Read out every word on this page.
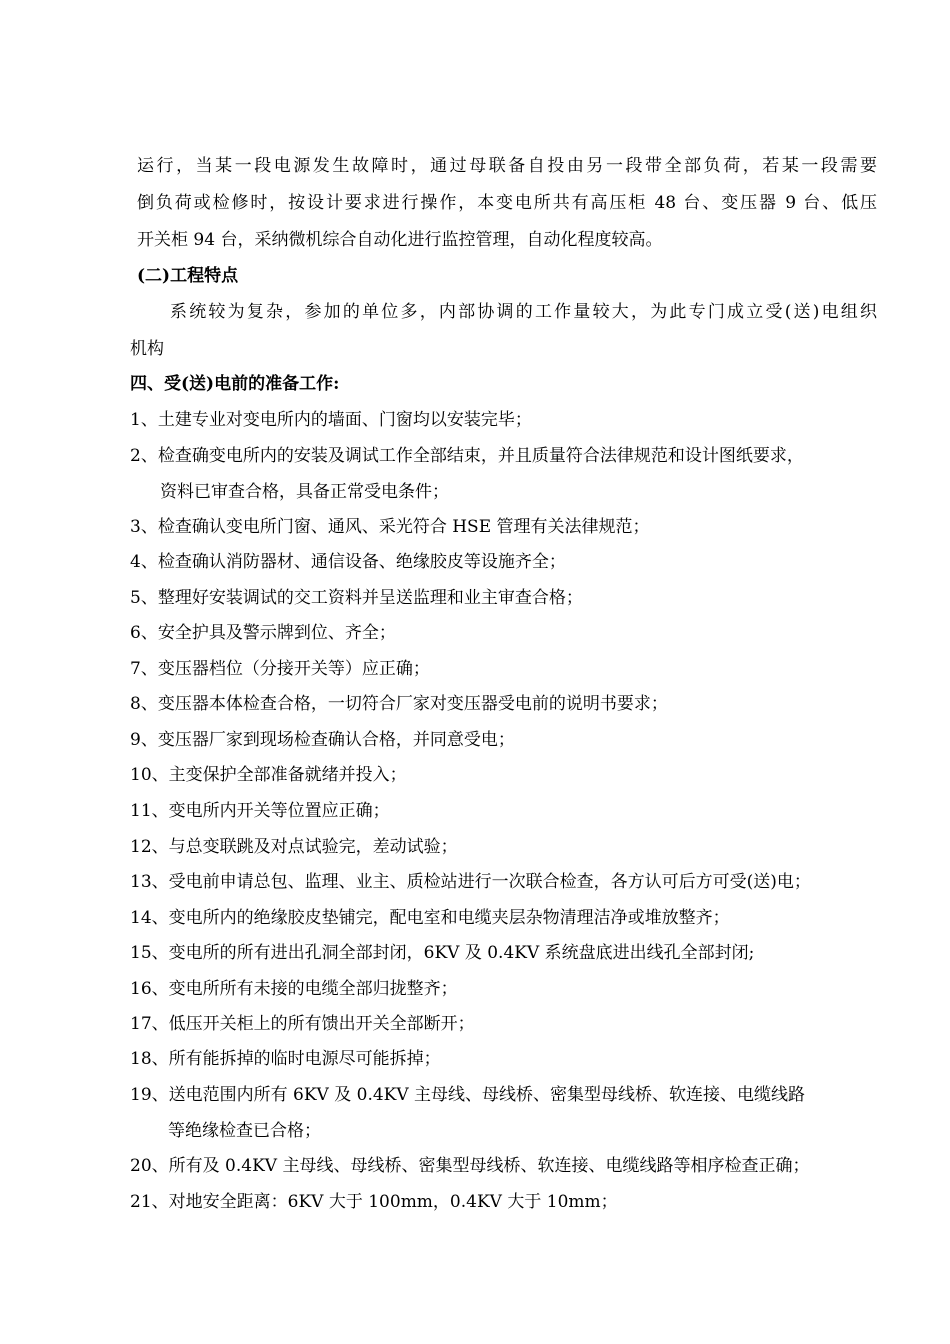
运行，当某一段电源发生故障时，通过母联备自投由另一段带全部负荷，若某一段需要
倒负荷或检修时，按设计要求进行操作，本变电所共有高压柜 48 台、变压器 9 台、低压
开关柜 94 台，采纳微机综合自动化进行监控管理，自动化程度较高。
(二)工程特点
系统较为复杂，参加的单位多，内部协调的工作量较大，为此专门成立受(送)电组织
机构
四、受(送)电前的准备工作:
1、土建专业对变电所内的墙面、门窗均以安装完毕；
2、检查确变电所内的安装及调试工作全部结束，并且质量符合法律规范和设计图纸要求，
资料已审查合格，具备正常受电条件；
3、检查确认变电所门窗、通风、采光符合 HSE 管理有关法律规范；
4、检查确认消防器材、通信设备、绝缘胶皮等设施齐全；
5、整理好安装调试的交工资料并呈送监理和业主审查合格；
6、安全护具及警示牌到位、齐全；
7、变压器档位（分接开关等）应正确；
8、变压器本体检查合格，一切符合厂家对变压器受电前的说明书要求；
9、变压器厂家到现场检查确认合格，并同意受电；
10、主变保护全部准备就绪并投入；
11、变电所内开关等位置应正确；
12、与总变联跳及对点试验完，差动试验；
13、受电前申请总包、监理、业主、质检站进行一次联合检查，各方认可后方可受(送)电；
14、变电所内的绝缘胶皮垫铺完，配电室和电缆夹层杂物清理洁净或堆放整齐；
15、变电所的所有进出孔洞全部封闭，6KV 及 0.4KV 系统盘底进出线孔全部封闭;
16、变电所所有未接的电缆全部归拢整齐；
17、低压开关柜上的所有馈出开关全部断开；
18、所有能拆掉的临时电源尽可能拆掉；
19、送电范围内所有 6KV 及 0.4KV 主母线、母线桥、密集型母线桥、软连接、电缆线路
等绝缘检查已合格；
20、所有及 0.4KV 主母线、母线桥、密集型母线桥、软连接、电缆线路等相序检查正确；
21、对地安全距离：6KV 大于 100mm，0.4KV 大于 10mm；
